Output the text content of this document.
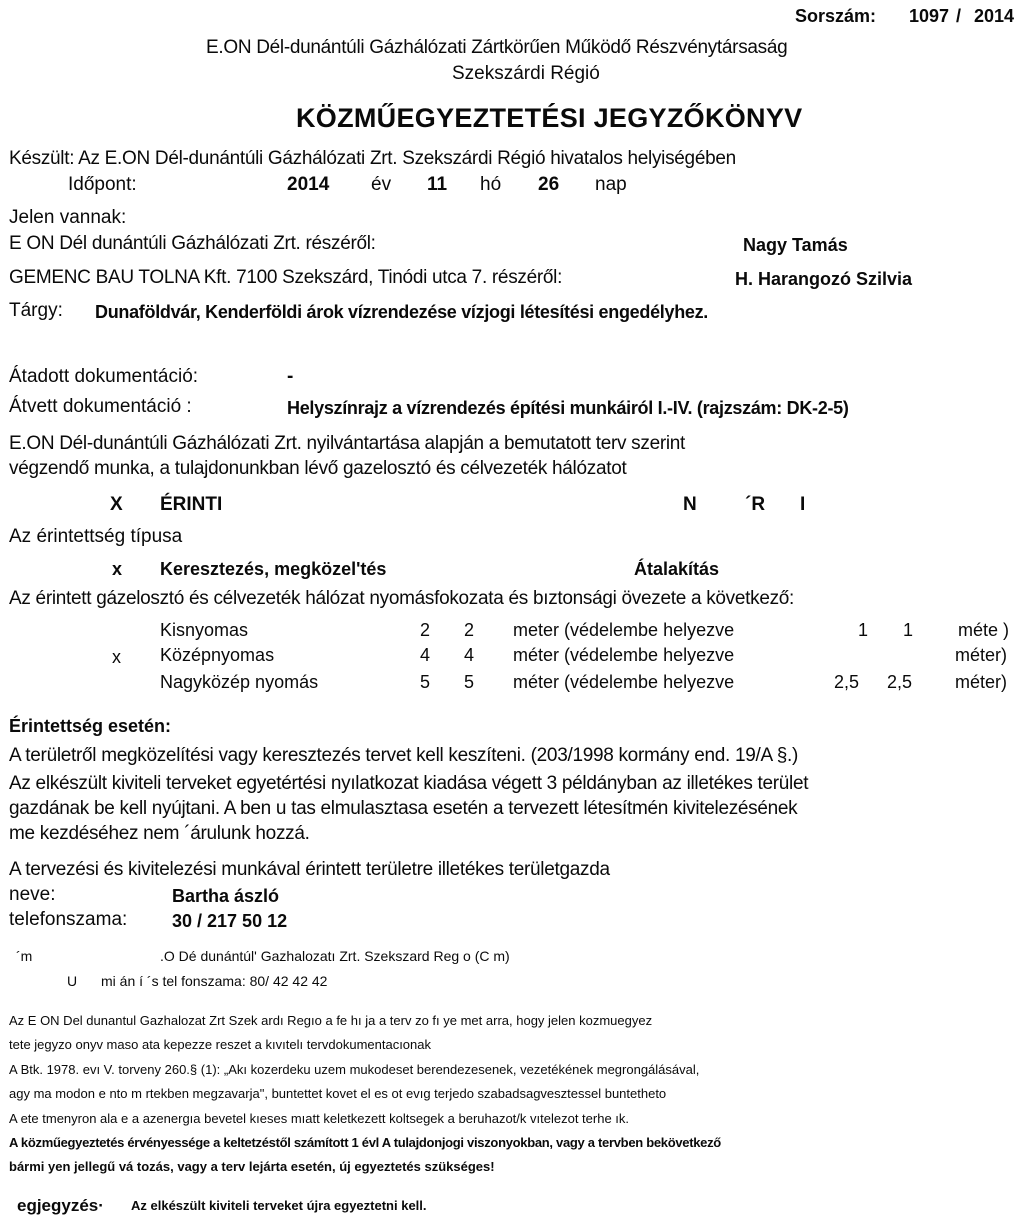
Sorszám: 1097 / 2014
E.ON Dél-dunántúli Gázhálózati Zártkörűen Működő Részvénytársaság
Szekszárdi Régió
KÖZMŰEGYEZTETÉSI JEGYZŐKÖNYV
Készült: Az E.ON Dél-dunántúli Gázhálózati Zrt. Szekszárdi Régió hivatalos helyiségében
Időpont:	2014 év 11 hó 26 nap
Jelen vannak:
E ON Dél dunántúli Gázhálózati Zrt. részéről:	Nagy Tamás
GEMENC BAU TOLNA Kft. 7100 Szekszárd, Tinódi utca 7. részéről:	H. Harangozó Szilvia
Tárgy: Dunaföldvár, Kenderföldi árok vízrendezése vízjogi létesítési engedélyhez.
Átadott dokumentáció:	-
Átvett dokumentáció :	Helyszínrajz a vízrendezés építési munkáiról I.-IV. (rajzszám: DK-2-5)
E.ON Dél-dunántúli Gázhálózati Zrt. nyilvántartása alapján a bemutatott terv szerint
végzendő munka, a tulajdonunkban lévő gazelosztó és célvezeték hálózatot
X ÉRINTI	N	´R I
Az érintettség típusa
x Keresztezés, megközel'tés	Átalakítás
Az érintett gázelosztó és célvezeték hálózat nyomásfokozata és bıztonsági övezete a következő:
x
Kisnyomas	2 2 meter (védelembe helyezve	1 1 méte )
Középnyomas	4 4 méter (védelembe helyezve	méter)
Nagyközép nyomás	5 5 méter (védelembe helyezve	2,5 2,5 méter)
Érintettség esetén:
A területről megközelítési vagy keresztezés tervet kell keszíteni. (203/1998 kormány end. 19/A §.)
Az elkészült kiviteli terveket egyetértési nyılatkozat kiadása végett 3 példányban az illetékes terület
gazdának be kell nyújtani. A ben u tas elmulasztasa esetén a tervezett létesítmén kivitelezésének
me kezdéséhez nem ´árulunk hozzá.
A tervezési és kivitelezési munkával érintett területre illetékes területgazda
neve:	Bartha ászló
telefonszama: 30 / 217 50 12
´m	.O Dé dunántúl' Gazhalozatı Zrt. Szekszard Reg o (C m)
U mi án í ´s tel fonszama: 80/ 42 42 42
Az E ON Del dunantul Gazhalozat Zrt Szek ardı Regıo a fe hı ja a terv zo fı ye met arra, hogy jelen kozmuegyez
tete jegyzo onyv maso ata kepezze reszet a kıvıtelı tervdokumentacıonak
A Btk. 1978. evı V. torveny 260.§ (1): „Akı kozerdeku uzem mukodeset berendezesenek, vezetékének megrongálásával,
agy ma modon e nto m rtekben megzavarja", buntettet kovet el es ot evıg terjedo szabadsagvesztessel buntetheto
A ete tmenyron ala e a azenergıa bevetel kıeses mıatt keletkezett koltsegek a beruhazot/k vıtelezot terhe ık.
A közműegyeztetés érvényessége a keltetzéstől számított 1 évl A tulajdonjogi viszonyokban, vagy a tervben bekövetkező
bármi yen jellegű vá tozás, vagy a terv lejárta esetén, új egyeztetés szükséges!
egjegyzés· Az elkészült kiviteli terveket újra egyeztetni kell.
